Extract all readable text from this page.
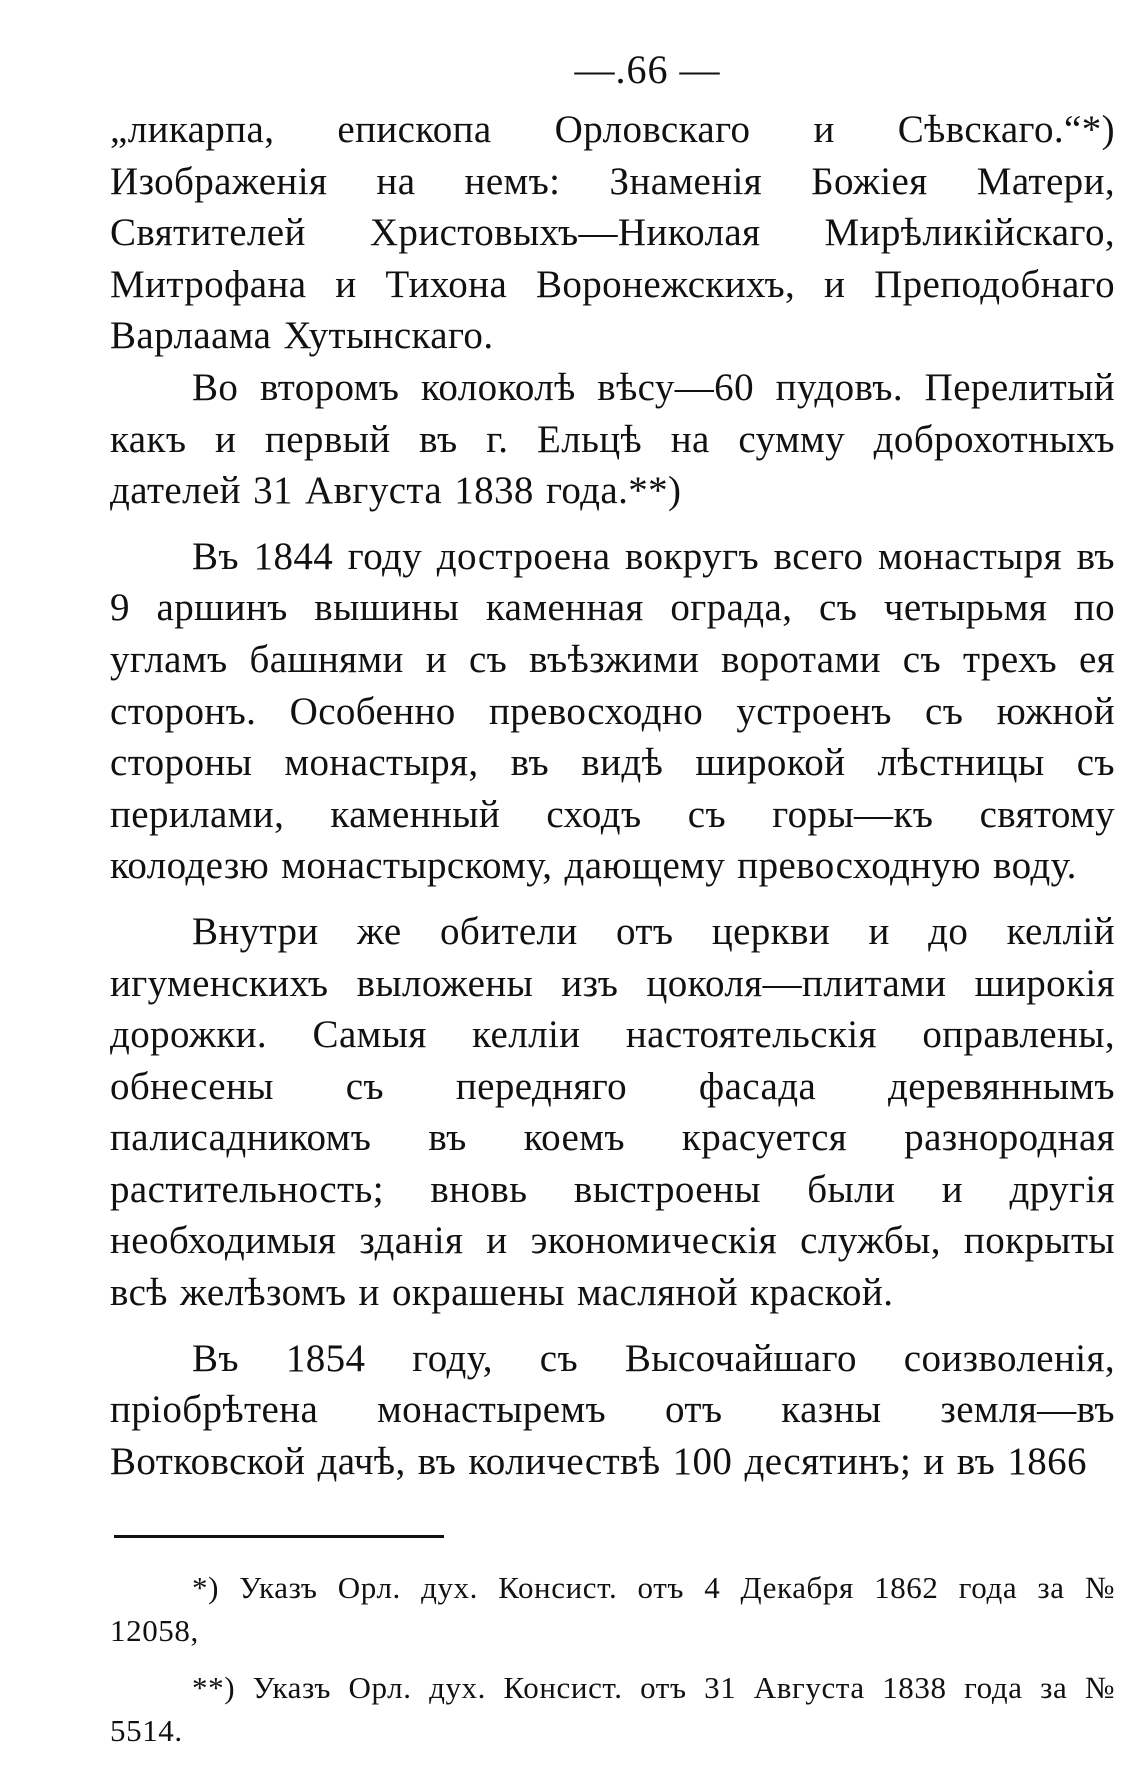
—.66 —

„ликарпа, епископа Орловскаго и Сѣвскаго.“*) Изображенія на немъ: Знаменія Божіея Матери, Святителей Христовыхъ—Николая Мирѣликійскаго, Митрофана и Тихона Воронежскихъ, и Преподобнаго Варлаама Хутынскаго.

Во второмъ колоколѣ вѣсу—60 пудовъ. Перелитый какъ и первый въ г. Ельцѣ на сумму доброхотныхъ дателей 31 Августа 1838 года.**)

Въ 1844 году достроена вокругъ всего монастыря въ 9 аршинъ вышины каменная ограда, съ четырьмя по угламъ башнями и съ въѣзжими воротами съ трехъ ея сторонъ. Особенно превосходно устроенъ съ южной стороны монастыря, въ видѣ широкой лѣстницы съ перилами, каменный сходъ съ горы—къ святому колодезю монастырскому, дающему превосходную воду.

Внутри же обители отъ церкви и до келлій игуменскихъ выложены изъ цоколя—плитами широкія дорожки. Самыя келліи настоятельскія оправлены, обнесены съ передняго фасада деревяннымъ палисадникомъ въ коемъ красуется разнородная растительность; вновь выстроены были и другія необходимыя зданія и экономическія службы, покрыты всѣ желѣзомъ и окрашены масляной краской.

Въ 1854 году, съ Высочайшаго соизволенія, пріобрѣтена монастыремъ отъ казны земля—въ Вотковской дачѣ, въ количествѣ 100 десятинъ; и въ 1866

*) Указъ Орл. дух. Консист. отъ 4 Декабря 1862 года за № 12058,

**) Указъ Орл. дух. Консист. отъ 31 Августа 1838 года за № 5514.
